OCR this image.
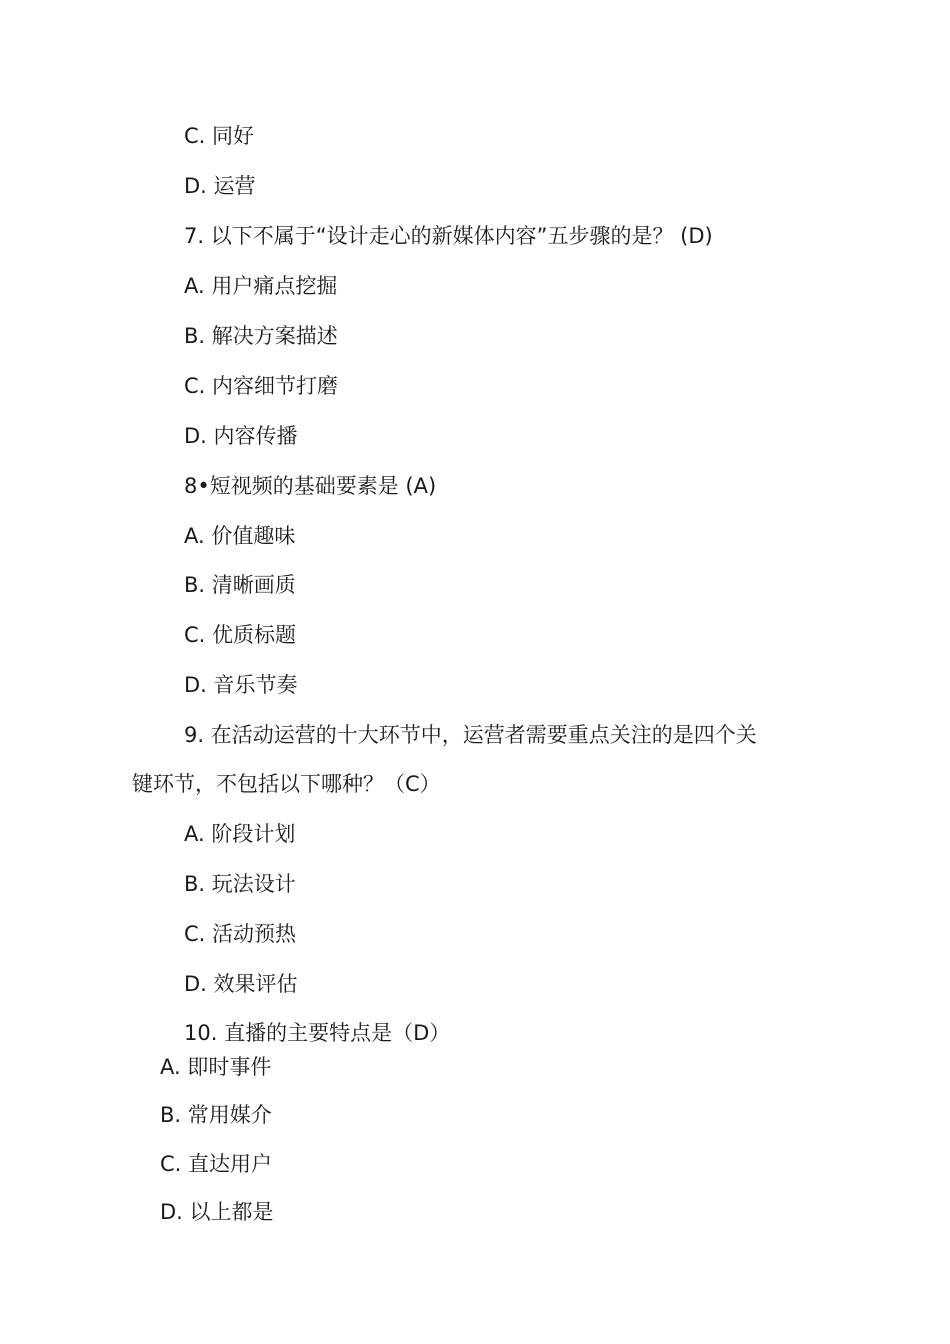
C. 同好
D. 运营
7. 以下不属于“设计走心的新媒体内容”五步骤的是？ (D)
A. 用户痛点挖掘
B. 解决方案描述
C. 内容细节打磨
D. 内容传播
8•短视频的基础要素是 (A)
A. 价值趣味
B. 清晰画质
C. 优质标题
D. 音乐节奏
9. 在活动运营的十大环节中，运营者需要重点关注的是四个关
键环节，不包括以下哪种？（C）
A. 阶段计划
B. 玩法设计
C. 活动预热
D. 效果评估
10. 直播的主要特点是（D）
A. 即时事件
B. 常用媒介
C. 直达用户
D. 以上都是
